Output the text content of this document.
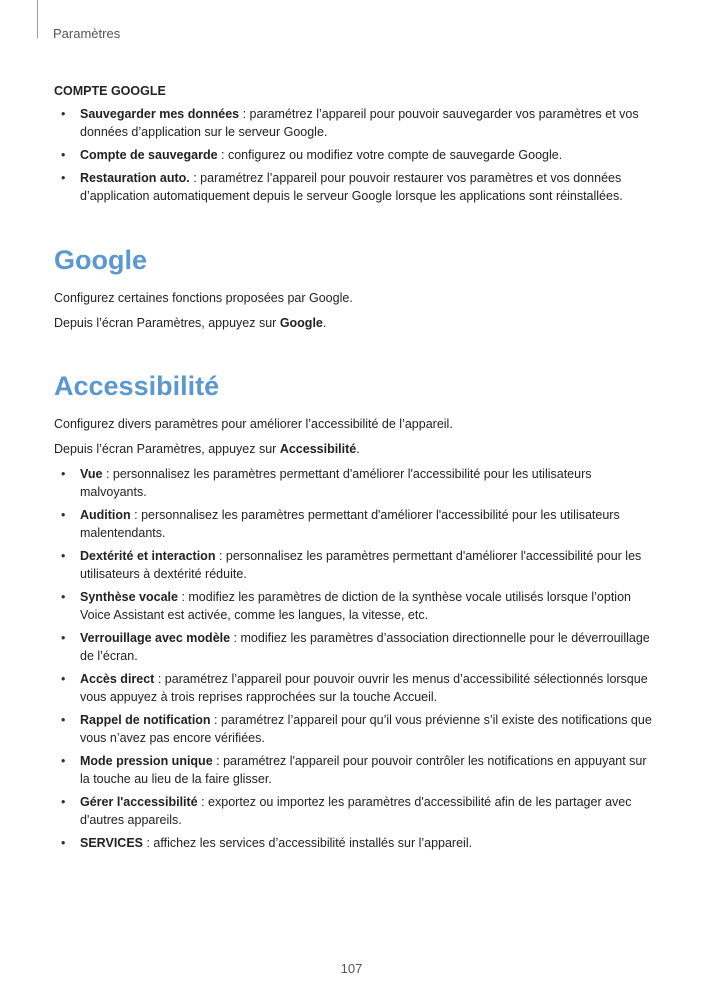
Paramètres
COMPTE GOOGLE
• Sauvegarder mes données : paramétrez l’appareil pour pouvoir sauvegarder vos paramètres et vos données d’application sur le serveur Google.
• Compte de sauvegarde : configurez ou modifiez votre compte de sauvegarde Google.
• Restauration auto. : paramétrez l’appareil pour pouvoir restaurer vos paramètres et vos données d’application automatiquement depuis le serveur Google lorsque les applications sont réinstallées.
Google

Configurez certaines fonctions proposées par Google.

Depuis l’écran Paramètres, appuyez sur Google.

Accessibilité

Configurez divers paramètres pour améliorer l’accessibilité de l’appareil.

Depuis l’écran Paramètres, appuyez sur Accessibilité.

• Vue : personnalisez les paramètres permettant d'améliorer l'accessibilité pour les utilisateurs malvoyants.
• Audition : personnalisez les paramètres permettant d'améliorer l'accessibilité pour les utilisateurs malentendants.
• Dextérité et interaction : personnalisez les paramètres permettant d'améliorer l'accessibilité pour les utilisateurs à dextérité réduite.
• Synthèse vocale : modifiez les paramètres de diction de la synthèse vocale utilisés lorsque l’option Voice Assistant est activée, comme les langues, la vitesse, etc.
• Verrouillage avec modèle : modifiez les paramètres d’association directionnelle pour le déverrouillage de l’écran.
• Accès direct : paramétrez l’appareil pour pouvoir ouvrir les menus d’accessibilité sélectionnés lorsque vous appuyez à trois reprises rapprochées sur la touche Accueil.
• Rappel de notification : paramétrez l’appareil pour qu’il vous prévienne s’il existe des notifications que vous n’avez pas encore vérifiées.
• Mode pression unique : paramétrez l'appareil pour pouvoir contrôler les notifications en appuyant sur la touche au lieu de la faire glisser.
• Gérer l'accessibilité : exportez ou importez les paramètres d'accessibilité afin de les partager avec d'autres appareils.
• SERVICES : affichez les services d’accessibilité installés sur l’appareil.
107
